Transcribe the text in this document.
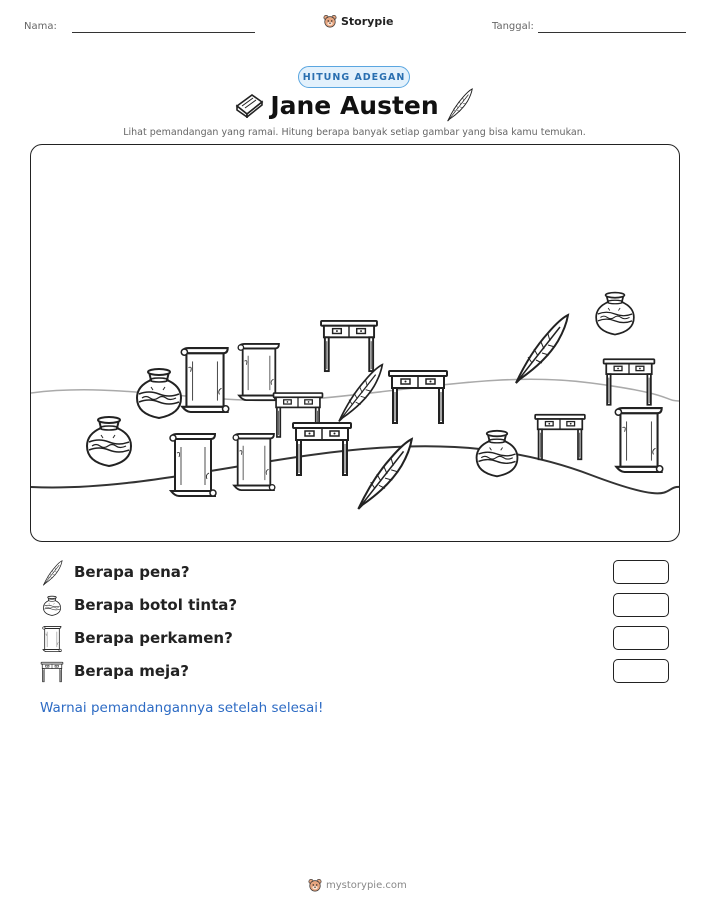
Nama:	Storypie	Tanggal:
HITUNG ADEGAN
Jane Austen
Lihat pemandangan yang ramai. Hitung berapa banyak setiap gambar yang bisa kamu temukan.
Berapa pena?
Berapa botol tinta?
Berapa perkamen?
Berapa meja?
Warnai pemandangannya setelah selesai!
mystorypie.com
